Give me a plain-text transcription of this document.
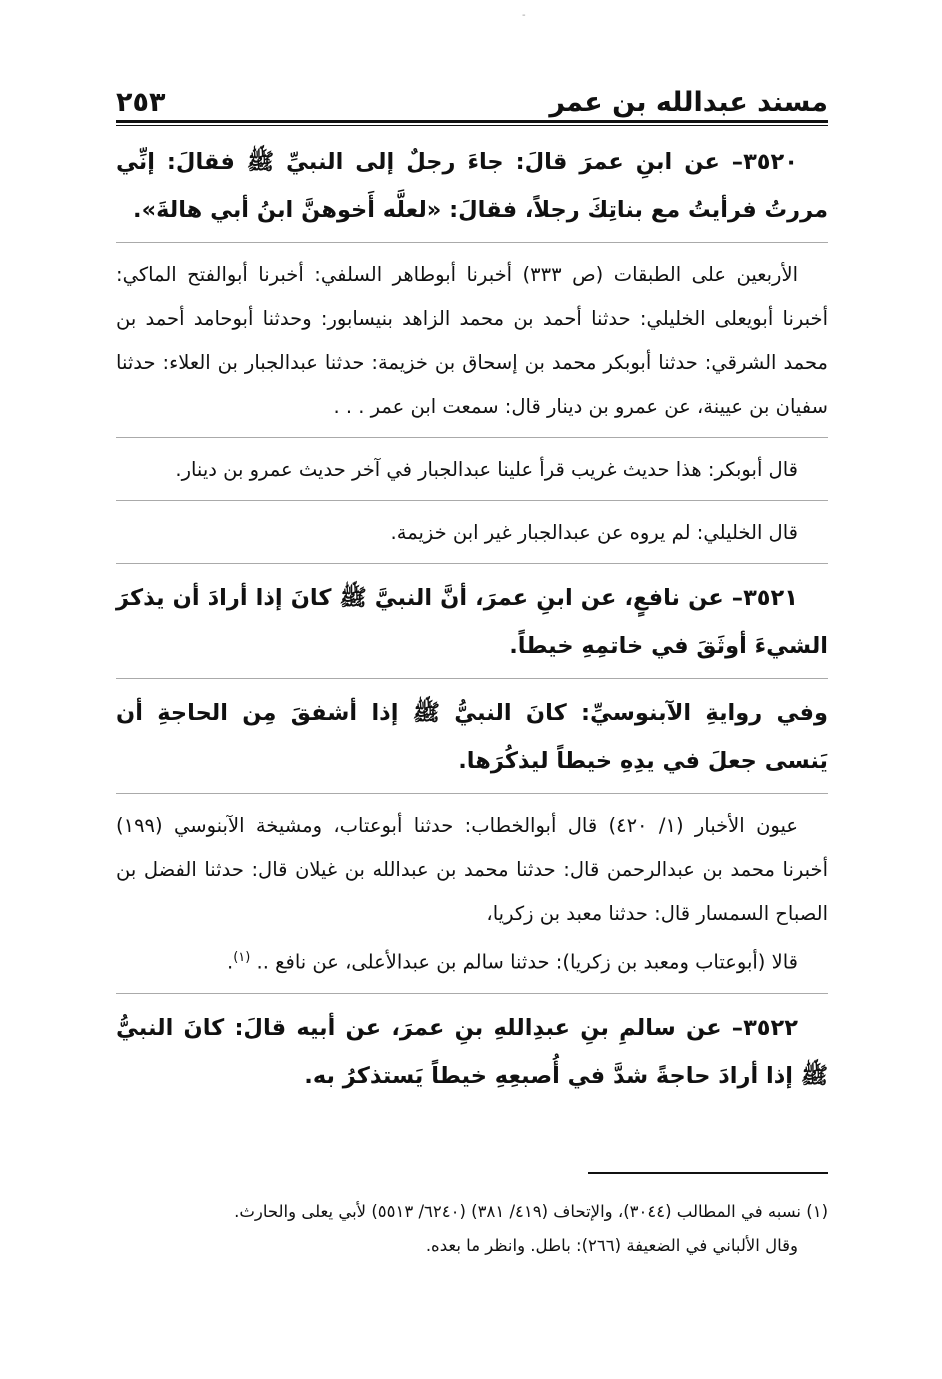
-
مسند عبدالله بن عمر
٢٥٣

٣٥٢٠– عن ابنِ عمرَ قالَ: جاءَ رجلٌ إلى النبيِّ ﷺ فقالَ: إنِّي مررتُ فرأيتُ مع بناتِكَ رجلاً، فقالَ: «لعلَّه أَخوهنَّ ابنُ أبي هالةَ».

الأربعين على الطبقات (ص ٣٣٣) أخبرنا أبوطاهر السلفي: أخبرنا أبوالفتح الماكي: أخبرنا أبويعلى الخليلي: حدثنا أحمد بن محمد الزاهد بنيسابور: وحدثنا أبوحامد أحمد بن محمد الشرقي: حدثنا أبوبكر محمد بن إسحاق بن خزيمة: حدثنا عبدالجبار بن العلاء: حدثنا سفيان بن عيينة، عن عمرو بن دينار قال: سمعت ابن عمر . . .

قال أبوبكر: هذا حديث غريب قرأ علينا عبدالجبار في آخر حديث عمرو بن دينار.

قال الخليلي: لم يروه عن عبدالجبار غير ابن خزيمة.

٣٥٢١– عن نافعٍ، عن ابنِ عمرَ، أنَّ النبيَّ ﷺ كانَ إذا أرادَ أن يذكرَ الشيءَ أوثَقَ في خاتمِهِ خيطاً.

وفي روايةِ الآبنوسيِّ: كانَ النبيُّ ﷺ إذا أشفقَ مِن الحاجةِ أن يَنسى جعلَ في يدِهِ خيطاً ليذكُرَها.

عيون الأخبار (١/ ٤٢٠) قال أبوالخطاب: حدثنا أبوعتاب، ومشيخة الآبنوسي (١٩٩) أخبرنا محمد بن عبدالرحمن قال: حدثنا محمد بن عبدالله بن غيلان قال: حدثنا الفضل بن الصباح السمسار قال: حدثنا معبد بن زكريا،

قالا (أبوعتاب ومعبد بن زكريا): حدثنا سالم بن عبدالأعلى، عن نافع .. $^{(١)}$.

٣٥٢٢– عن سالمِ بنِ عبدِاللهِ بنِ عمرَ، عن أبيه قالَ: كانَ النبيُّ ﷺ إذا أرادَ حاجةً شدَّ في أُصبعِهِ خيطاً يَستذكرُ به.

(١) نسبه في المطالب (٣٠٤٤)، والإتحاف (٤١٩/ ٣٨١) (٦٢٤٠/ ٥٥١٣) لأبي يعلى والحارث.

وقال الألباني في الضعيفة (٢٦٦): باطل. وانظر ما بعده.
